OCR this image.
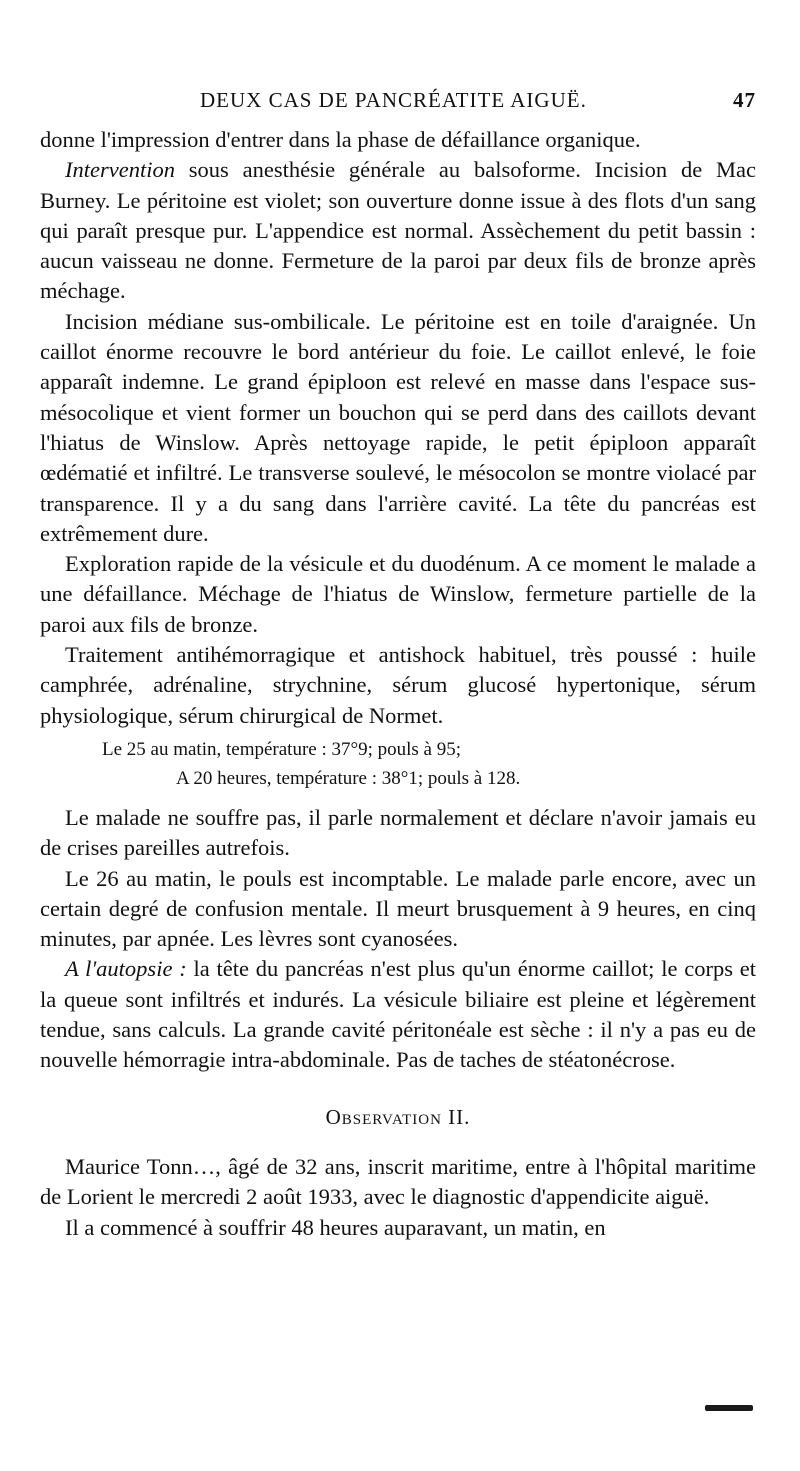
DEUX CAS DE PANCRÉATITE AIGUË.	47

donne l'impression d'entrer dans la phase de défaillance organique.

Intervention sous anesthésie générale au balsoforme. Incision de Mac Burney. Le péritoine est violet; son ouverture donne issue à des flots d'un sang qui paraît presque pur. L'appendice est normal. Assèchement du petit bassin : aucun vaisseau ne donne. Fermeture de la paroi par deux fils de bronze après méchage.

Incision médiane sus-ombilicale. Le péritoine est en toile d'araignée. Un caillot énorme recouvre le bord antérieur du foie. Le caillot enlevé, le foie apparaît indemne. Le grand épiploon est relevé en masse dans l'espace sus-mésocolique et vient former un bouchon qui se perd dans des caillots devant l'hiatus de Winslow. Après nettoyage rapide, le petit épiploon apparaît œdématié et infiltré. Le transverse soulevé, le mésocolon se montre violacé par transparence. Il y a du sang dans l'arrière cavité. La tête du pancréas est extrêmement dure.

Exploration rapide de la vésicule et du duodénum. A ce moment le malade a une défaillance. Méchage de l'hiatus de Winslow, fermeture partielle de la paroi aux fils de bronze.

Traitement antihémorragique et antishock habituel, très poussé : huile camphrée, adrénaline, strychnine, sérum glucosé hypertonique, sérum physiologique, sérum chirurgical de Normet.

Le 25 au matin, température : 37°9; pouls à 95;
A 20 heures, température : 38°1; pouls à 128.

Le malade ne souffre pas, il parle normalement et déclare n'avoir jamais eu de crises pareilles autrefois.

Le 26 au matin, le pouls est incomptable. Le malade parle encore, avec un certain degré de confusion mentale. Il meurt brusquement à 9 heures, en cinq minutes, par apnée. Les lèvres sont cyanosées.

A l'autopsie : la tête du pancréas n'est plus qu'un énorme caillot; le corps et la queue sont infiltrés et indurés. La vésicule biliaire est pleine et légèrement tendue, sans calculs. La grande cavité péritonéale est sèche : il n'y a pas eu de nouvelle hémorragie intra-abdominale. Pas de taches de stéatonécrose.

Observation II.

Maurice Tonn…, âgé de 32 ans, inscrit maritime, entre à l'hôpital maritime de Lorient le mercredi 2 août 1933, avec le diagnostic d'appendicite aiguë.

Il a commencé à souffrir 48 heures auparavant, un matin, en
